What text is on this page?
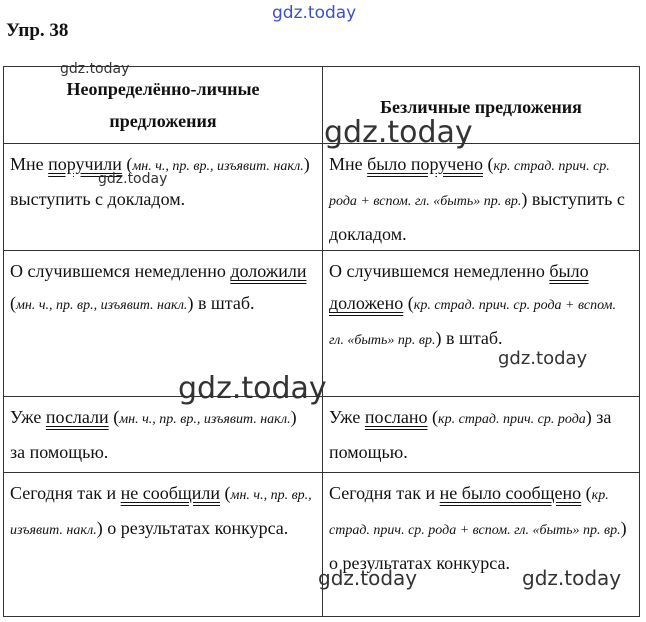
gdz.today
Упр. 38
Неопределённо-личные предложения	Безличные предложения
Мне поручили (мн. ч., пр. вр., изъявит. накл.) выступить с докладом.	Мне было поручено (кр. страд. прич. ср. рода + вспом. гл. «быть» пр. вр.) выступить с докладом.
О случившемся немедленно доложили (мн. ч., пр. вр., изъявит. накл.) в штаб.	О случившемся немедленно было доложено (кр. страд. прич. ср. рода + вспом. гл. «быть» пр. вр.) в штаб.
Уже послали (мн. ч., пр. вр., изъявит. накл.) за помощью.	Уже послано (кр. страд. прич. ср. рода) за помощью.
Сегодня так и не сообщили (мн. ч., пр. вр., изъявит. накл.) о результатах конкурса.	Сегодня так и не было сообщено (кр. страд. прич. ср. рода + вспом. гл. «быть» пр. вр.) о результатах конкурса.
gdz.today
gdz.today
gdz.today
gdz.today
gdz.today
gdz.today	gdz.today
